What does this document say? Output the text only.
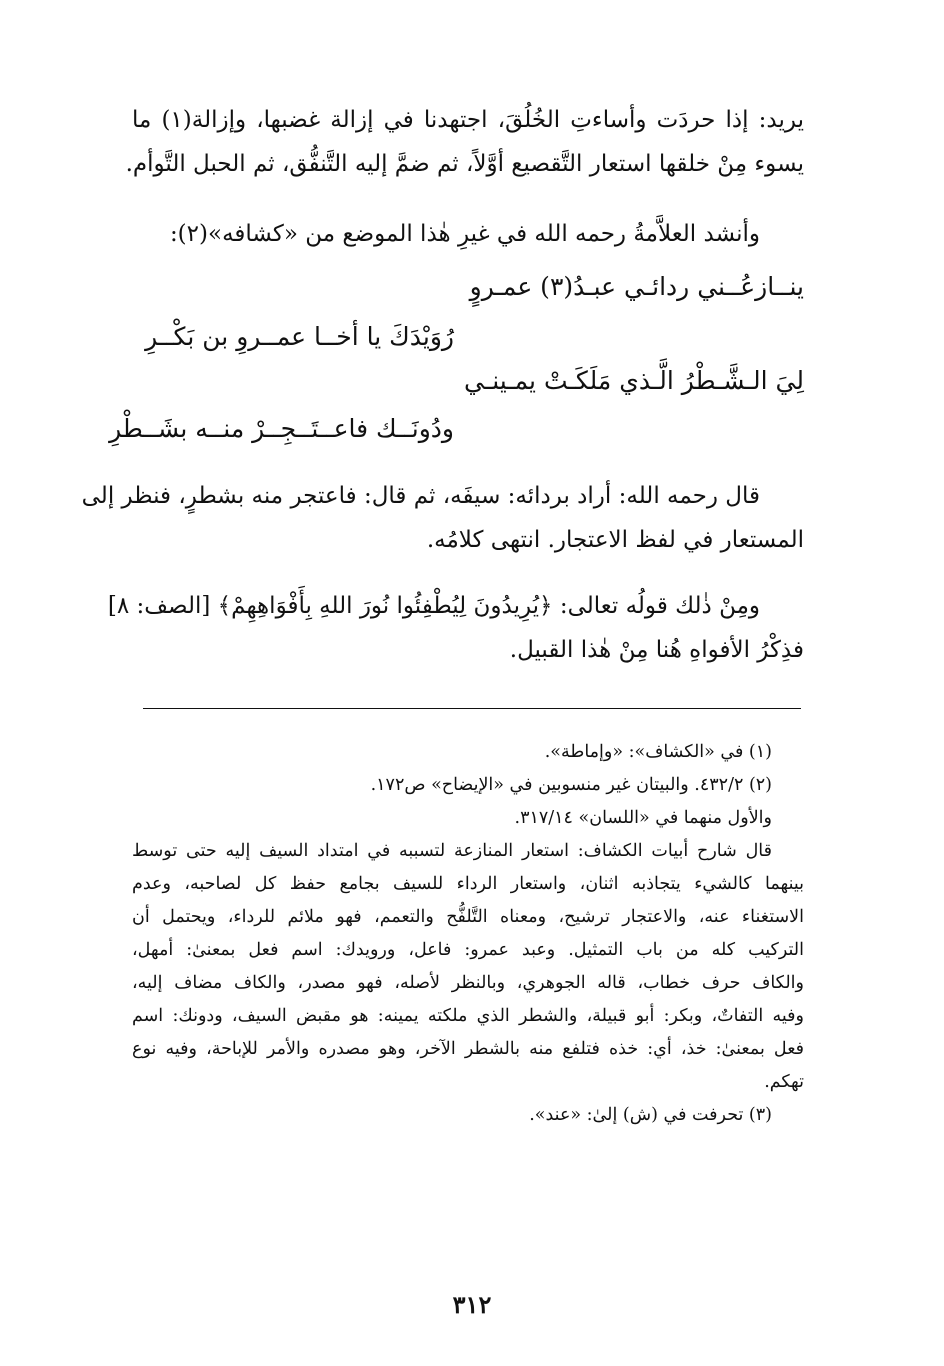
يريد: إذا حردَت وأساءتِ الخُلُقَ، اجتهدنا في إزالة غضبها، وإزالة(١) ما
يسوء مِنْ خلقها استعار التَّقصيع أوَّلاً، ثم ضمَّ إليه التَّنفُّق، ثم الحبل التَّوأم.
وأنشد العلاَّمةُ رحمه الله في غيرِ هٰذا الموضع من «كشافه»(٢):
ينــازعُــني ردائـي عبـدُ(٣) عمـروٍ
رُوَيْدَكَ يا أخــا عمــروِ بن بَكْــرِ
لِيَ الـشَّـطْرُ الَّـذي مَلَكَـتْ يمـينـي
ودُونَــك فاعــتَــجِــرْ منــه بشَــطْرِ
قال رحمه الله: أراد بردائه: سيفَه، ثم قال: فاعتجر منه بشطرٍ، فنظر إلى
المستعار في لفظ الاعتجار. انتهى كلامُه.
ومِنْ ذٰلك قولُه تعالى: ﴿يُرِيدُونَ لِيُطْفِئُوا نُورَ اللهِ بِأَفْوَاهِهِمْ﴾ [الصف: ٨]
فذِكْرُ الأفواهِ هُنا مِنْ هٰذا القبيل.
(١) في «الكشاف»: «وإماطة».
(٢) ٤٣٢/٢. والبيتان غير منسوبين في «الإيضاح» ص١٧٢.
والأول منهما في «اللسان» ٣١٧/١٤.
قال شارح أبيات الكشاف: استعار المنازعة لتسببه في امتداد السيف إليه حتى توسط
بينهما كالشيء يتجاذبه اثنان، واستعار الرداء للسيف بجامع حفظ كل لصاحبه، وعدم
الاستغناء عنه، والاعتجار ترشيح، ومعناه التَّلفُّح والتعمم، فهو ملائم للرداء، ويحتمل أن
التركيب كله من باب التمثيل. وعبد عمرو: فاعل، ورويدك: اسم فعل بمعنىٰ: أمهل،
والكاف حرف خطاب، قاله الجوهري، وبالنظر لأصله، فهو مصدر، والكاف مضاف إليه،
وفيه التفاتٌ، وبكر: أبو قبيلة، والشطر الذي ملكته يمينه: هو مقبض السيف، ودونك: اسم
فعل بمعنىٰ: خذ، أي: خذه فتلفع منه بالشطر الآخر، وهو مصدره والأمر للإباحة، وفيه نوع
تهكم.
(٣) تحرفت في (ش) إلىٰ: «عند».
٣١٢
